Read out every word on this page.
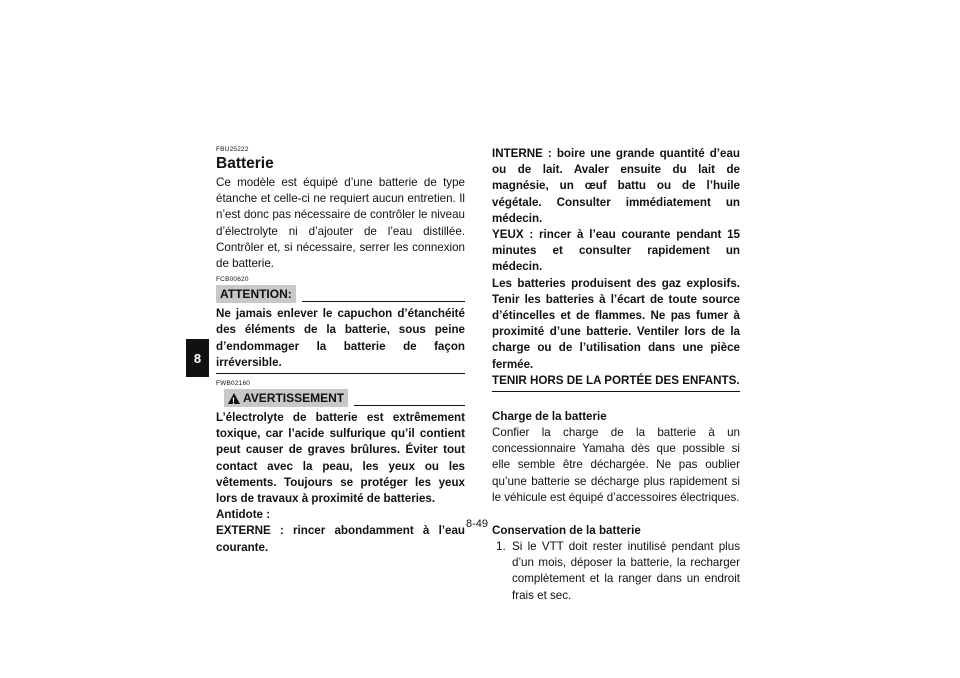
8
FBU25222
Batterie

Ce modèle est équipé d’une batterie de type étanche et celle-ci ne requiert aucun entretien. Il n’est donc pas nécessaire de contrôler le niveau d’électrolyte ni d’ajouter de l’eau distillée. Contrôler et, si nécessaire, serrer les connexion de batterie.

FCB00620
ATTENTION:

Ne jamais enlever le capuchon d’étanchéité des éléments de la batterie, sous peine d’endommager la batterie de façon irréversible.

FWB02160
!
AVERTISSEMENT

L’électrolyte de batterie est extrêmement toxique, car l’acide sulfurique qu’il contient peut causer de graves brûlures. Éviter tout contact avec la peau, les yeux ou les vêtements. Toujours se protéger les yeux lors de travaux à proximité de batteries.

Antidote :

EXTERNE : rincer abondamment à l’eau courante.

INTERNE : boire une grande quantité d’eau ou de lait. Avaler ensuite du lait de magnésie, un œuf battu ou de l’huile végétale. Consulter immédiatement un médecin.

YEUX : rincer à l’eau courante pendant 15 minutes et consulter rapidement un médecin.

Les batteries produisent des gaz explosifs. Tenir les batteries à l’écart de toute source d’étincelles et de flammes. Ne pas fumer à proximité d’une batterie. Ventiler lors de la charge ou de l’utilisation dans une pièce fermée.

TENIR HORS DE LA PORTÉE DES ENFANTS.

Charge de la batterie

Confier la charge de la batterie à un concessionnaire Yamaha dès que possible si elle semble être déchargée. Ne pas oublier qu’une batterie se décharge plus rapidement si le véhicule est équipé d’accessoires électriques.

Conservation de la batterie

1. Si le VTT doit rester inutilisé pendant plus d’un mois, déposer la batterie, la recharger complètement et la ranger dans un endroit frais et sec.
8-49
